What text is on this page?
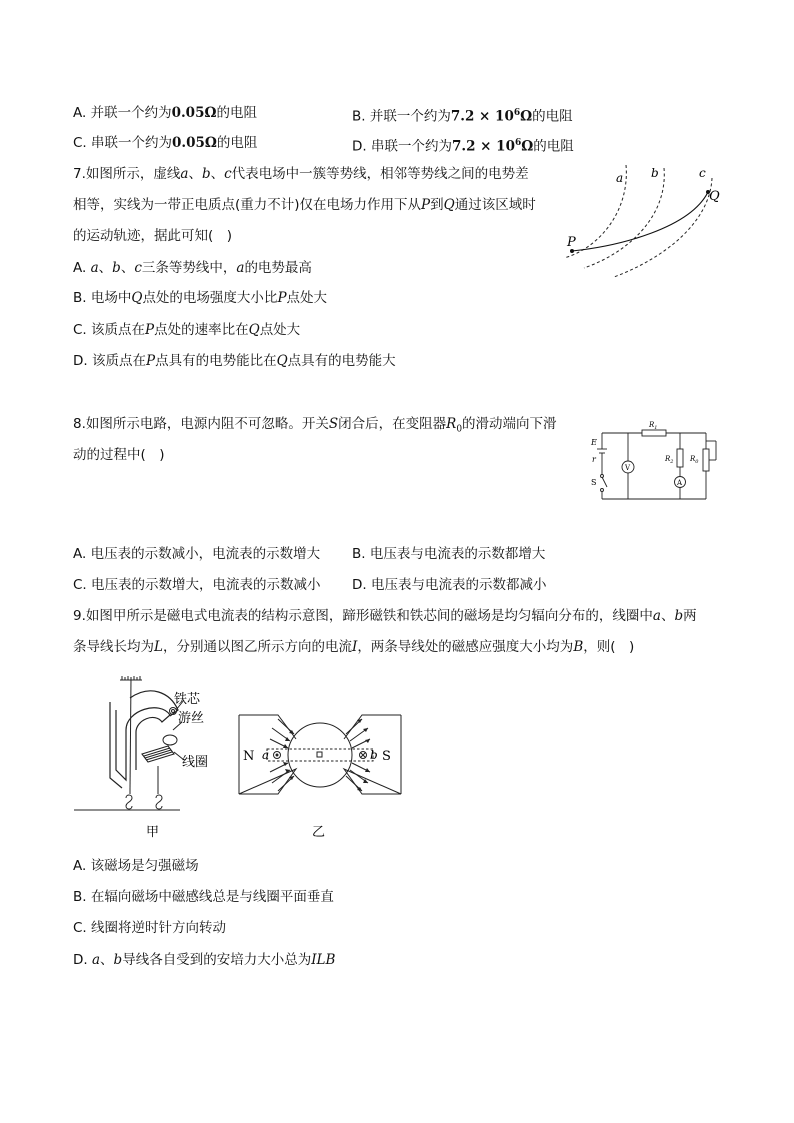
A. 并联一个约为0.05Ω的电阻	B. 并联一个约为$7.2 \times 10^6\Omega$的电阻
C. 串联一个约为0.05Ω的电阻	D. 串联一个约为$7.2 \times 10^6\Omega$的电阻
7.如图所示，虚线a、b、c代表电场中一簇等势线，相邻等势线之间的电势差
相等，实线为一带正电质点(重力不计)仅在电场力作用下从P到Q通过该区域时
的运动轨迹，据此可知(　)
A. a、b、c三条等势线中，a的电势最高
B. 电场中Q点处的电场强度大小比P点处大
C. 该质点在P点处的速率比在Q点处大
D. 该质点在P点具有的电势能比在Q点具有的电势能大
a b	c
P
Q
8.如图所示电路，电源内阻不可忽略。开关S闭合后，在变阻器$R_0$的滑动端向下滑
动的过程中(　)
E
r
S
V
A
$R_1$
$R_2$ $R_0$
A. 电压表的示数减小，电流表的示数增大 B. 电压表与电流表的示数都增大
C. 电压表的示数增大，电流表的示数减小 D. 电压表与电流表的示数都减小
9.如图甲所示是磁电式电流表的结构示意图，蹄形磁铁和铁芯间的磁场是均匀辐向分布的，线圈中a、b两
条导线长均为L，分别通以图乙所示方向的电流I，两条导线处的磁感应强度大小均为B，则(　)
铁芯
游丝
线圈
甲
N	S
a	b
乙
A. 该磁场是匀强磁场
B. 在辐向磁场中磁感线总是与线圈平面垂直
C. 线圈将逆时针方向转动
D. a、b导线各自受到的安培力大小总为ILB
